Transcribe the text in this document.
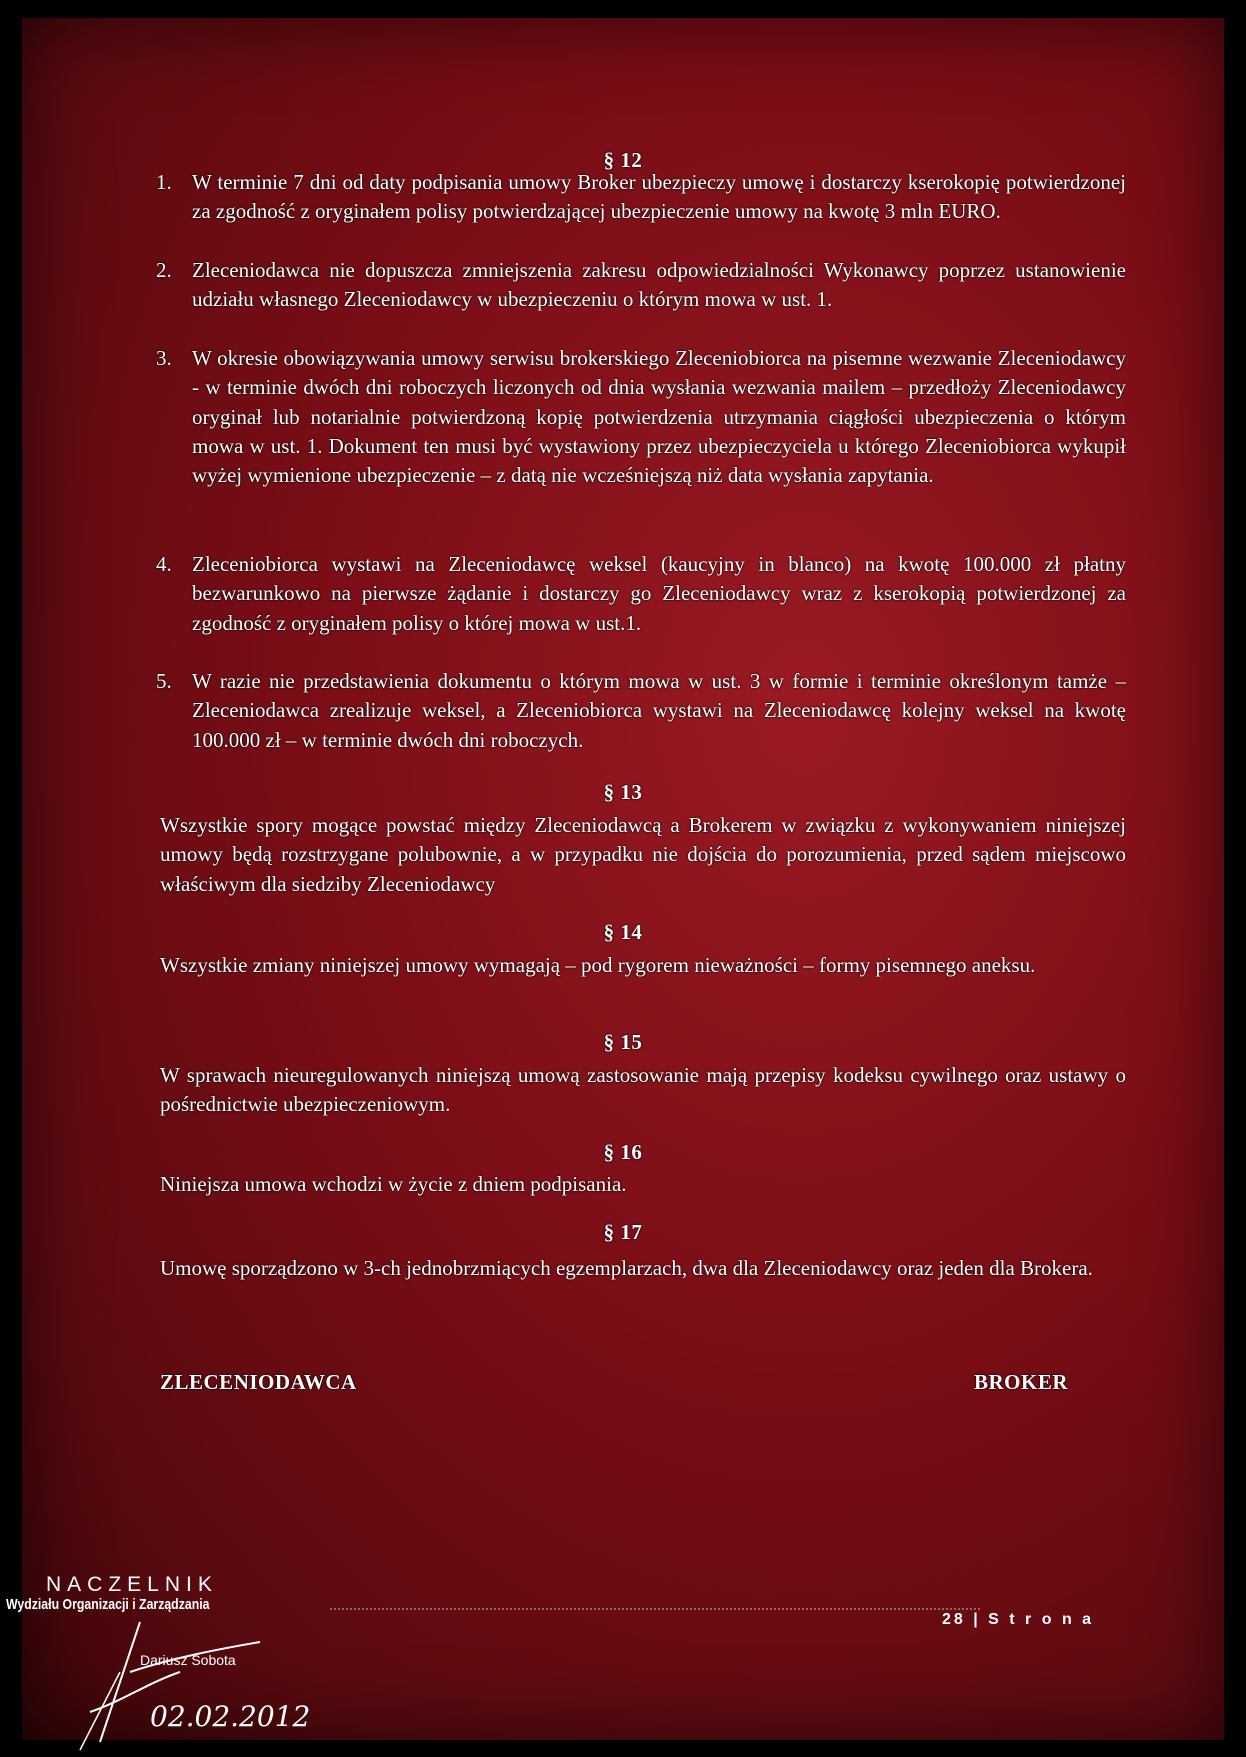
§ 12
1. W terminie 7 dni od daty podpisania umowy Broker ubezpieczy umowę i dostarczy kserokopię potwierdzonej za zgodność z oryginałem polisy potwierdzającej ubezpieczenie umowy na kwotę 3 mln EURO.
2. Zleceniodawca nie dopuszcza zmniejszenia zakresu odpowiedzialności Wykonawcy poprzez ustanowienie udziału własnego Zleceniodawcy w ubezpieczeniu o którym mowa w ust. 1.
3. W okresie obowiązywania umowy serwisu brokerskiego Zleceniobiorca na pisemne wezwanie Zleceniodawcy - w terminie dwóch dni roboczych liczonych od dnia wysłania wezwania mailem – przedłoży Zleceniodawcy oryginał lub notarialnie potwierdzoną kopię potwierdzenia utrzymania ciągłości ubezpieczenia o którym mowa w ust. 1. Dokument ten musi być wystawiony przez ubezpieczyciela u którego Zleceniobiorca wykupił wyżej wymienione ubezpieczenie – z datą nie wcześniejszą niż data wysłania zapytania.
4. Zleceniobiorca wystawi na Zleceniodawcę weksel (kaucyjny in blanco) na kwotę 100.000 zł płatny bezwarunkowo na pierwsze żądanie i dostarczy go Zleceniodawcy wraz z kserokopią potwierdzonej za zgodność z oryginałem polisy o której mowa w ust.1.
5. W razie nie przedstawienia dokumentu o którym mowa w ust. 3 w formie i terminie określonym tamże – Zleceniodawca zrealizuje weksel, a Zleceniobiorca wystawi na Zleceniodawcę kolejny weksel na kwotę 100.000 zł – w terminie dwóch dni roboczych.
§ 13
Wszystkie spory mogące powstać między Zleceniodawcą a Brokerem w związku z wykonywaniem niniejszej umowy będą rozstrzygane polubownie, a w przypadku nie dojścia do porozumienia, przed sądem miejscowo właściwym dla siedziby Zleceniodawcy
§ 14
Wszystkie zmiany niniejszej umowy wymagają – pod rygorem nieważności – formy pisemnego aneksu.
§ 15
W sprawach nieuregulowanych niniejszą umową zastosowanie mają przepisy kodeksu cywilnego oraz ustawy o pośrednictwie ubezpieczeniowym.
§ 16
Niniejsza umowa wchodzi w życie z dniem podpisania.
§ 17
Umowę sporządzono w 3-ch jednobrzmiących egzemplarzach, dwa dla Zleceniodawcy oraz jeden dla Brokera.
ZLECENIODAWCA	BROKER
NACZELNIK
Wydziału Organizacji i Zarządzania
Dariusz Sobota
02.02.2012
28 | S t r o n a
